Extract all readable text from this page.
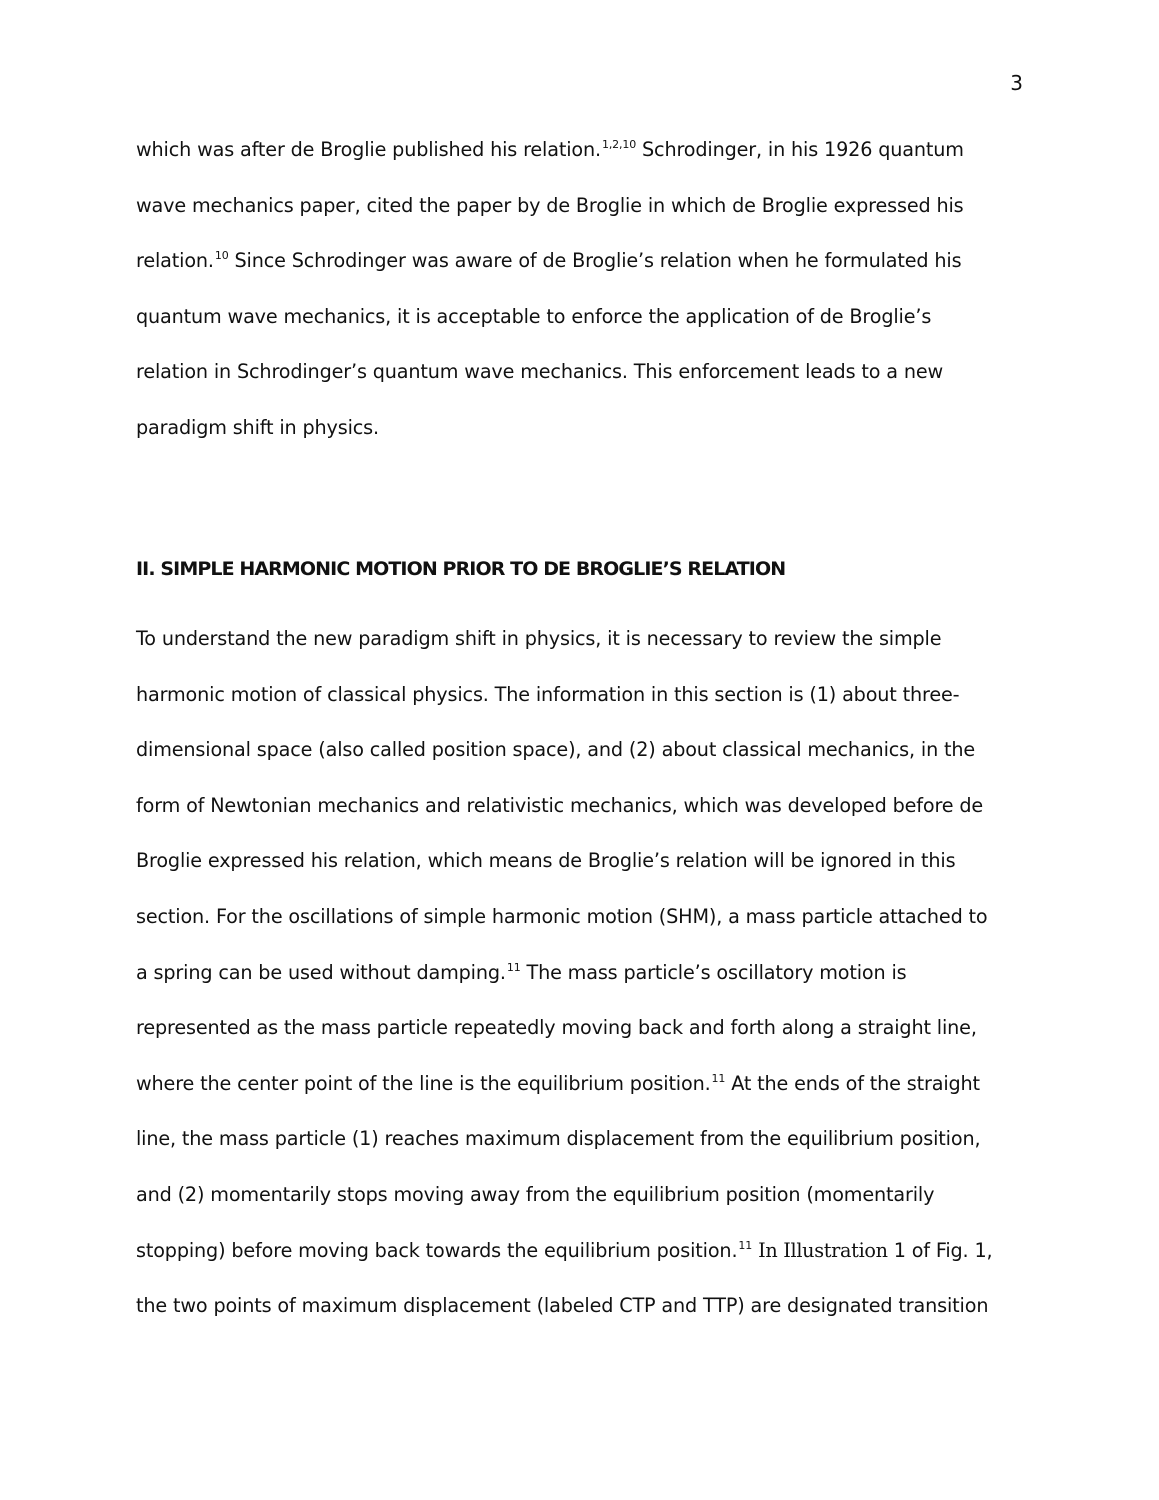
3
which was after de Broglie published his relation.$^{1,2,10}$ Schrodinger, in his 1926 quantum
wave mechanics paper, cited the paper by de Broglie in which de Broglie expressed his
relation.$^{10}$ Since Schrodinger was aware of de Broglie’s relation when he formulated his
quantum wave mechanics, it is acceptable to enforce the application of de Broglie’s
relation in Schrodinger’s quantum wave mechanics. This enforcement leads to a new
paradigm shift in physics.
II. SIMPLE HARMONIC MOTION PRIOR TO DE BROGLIE’S RELATION
To understand the new paradigm shift in physics, it is necessary to review the simple
harmonic motion of classical physics. The information in this section is (1) about three-
dimensional space (also called position space), and (2) about classical mechanics, in the
form of Newtonian mechanics and relativistic mechanics, which was developed before de
Broglie expressed his relation, which means de Broglie’s relation will be ignored in this
section. For the oscillations of simple harmonic motion (SHM), a mass particle attached to
a spring can be used without damping.$^{11}$ The mass particle’s oscillatory motion is
represented as the mass particle repeatedly moving back and forth along a straight line,
where the center point of the line is the equilibrium position.$^{11}$ At the ends of the straight
line, the mass particle (1) reaches maximum displacement from the equilibrium position,
and (2) momentarily stops moving away from the equilibrium position (momentarily
stopping) before moving back towards the equilibrium position.$^{11}$ In Illustration 1 of Fig. 1,
the two points of maximum displacement (labeled CTP and TTP) are designated transition
